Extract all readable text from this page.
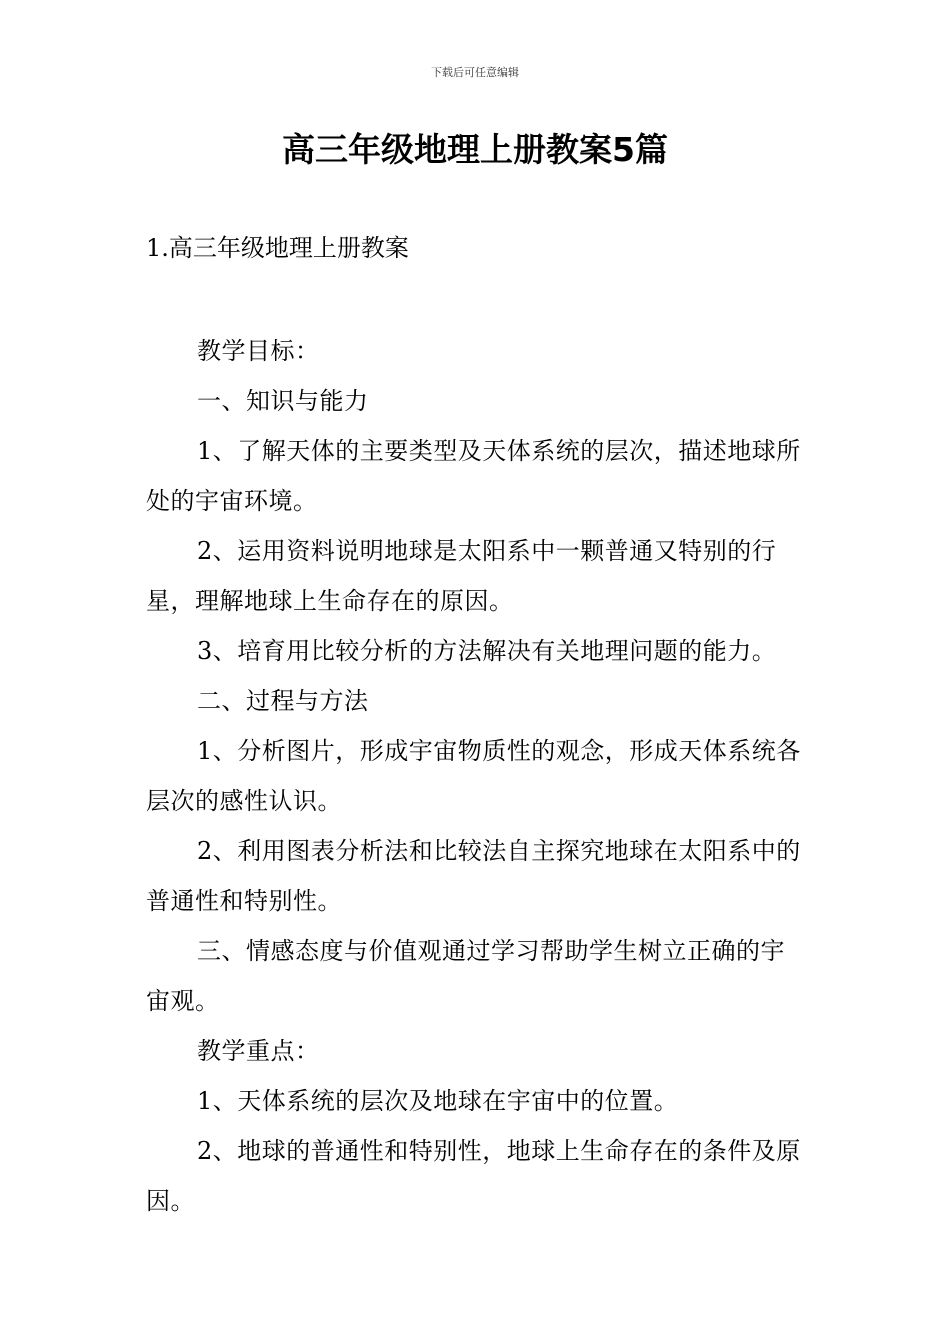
下载后可任意编辑
高三年级地理上册教案5篇
1.高三年级地理上册教案

教学目标：

一、知识与能力

1、了解天体的主要类型及天体系统的层次，描述地球所处的宇宙环境。

2、运用资料说明地球是太阳系中一颗普通又特别的行星，理解地球上生命存在的原因。

3、培育用比较分析的方法解决有关地理问题的能力。

二、过程与方法

1、分析图片，形成宇宙物质性的观念，形成天体系统各层次的感性认识。

2、利用图表分析法和比较法自主探究地球在太阳系中的普通性和特别性。

三、情感态度与价值观通过学习帮助学生树立正确的宇宙观。

教学重点：

1、天体系统的层次及地球在宇宙中的位置。

2、地球的普通性和特别性，地球上生命存在的条件及原因。
